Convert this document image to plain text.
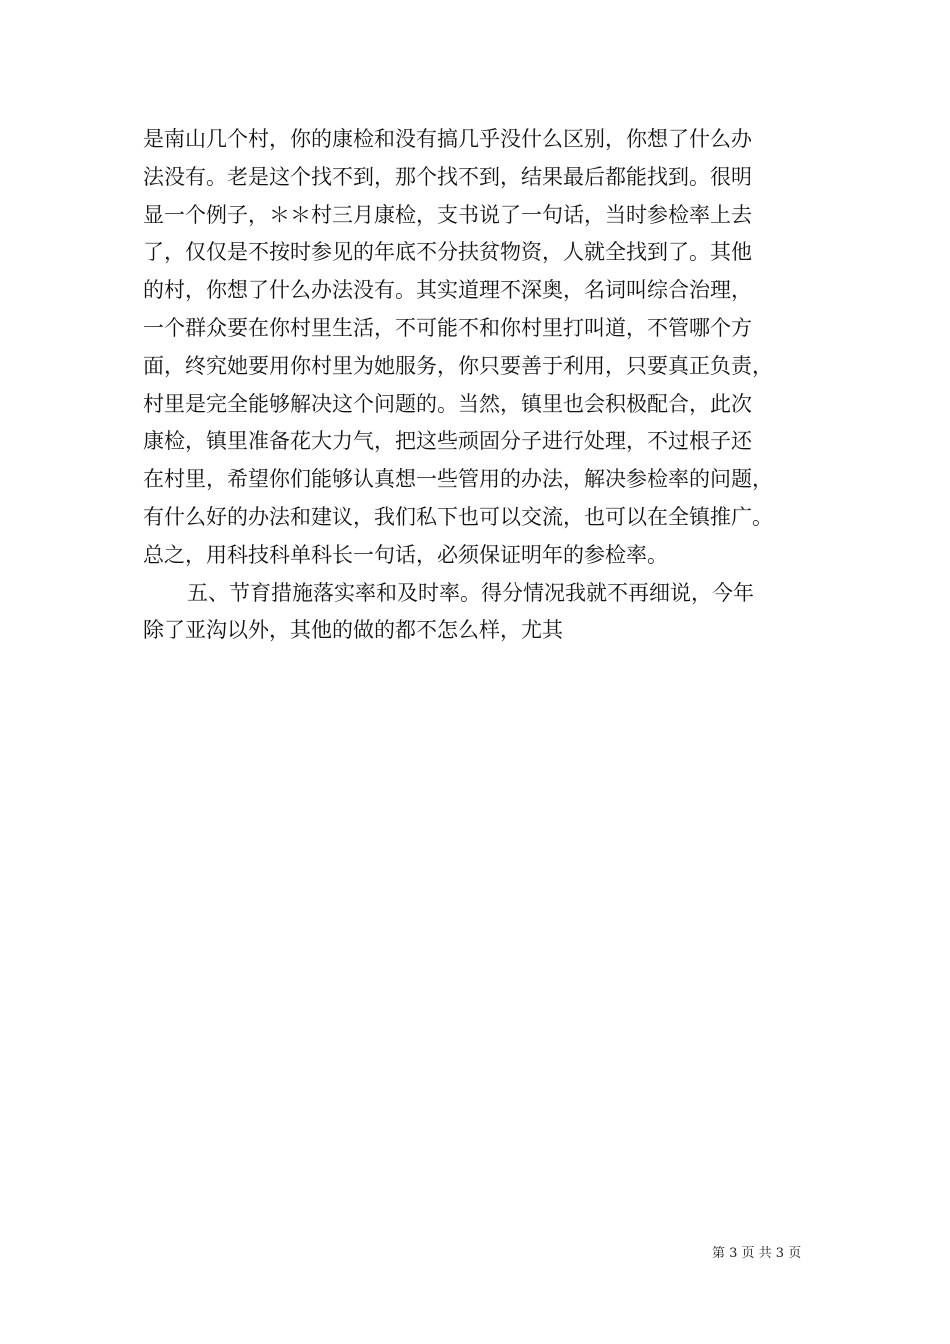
是南山几个村，你的康检和没有搞几乎没什么区别，你想了什么办
法没有。老是这个找不到，那个找不到，结果最后都能找到。很明
显一个例子，＊＊村三月康检，支书说了一句话，当时参检率上去
了，仅仅是不按时参见的年底不分扶贫物资，人就全找到了。其他
的村，你想了什么办法没有。其实道理不深奥，名词叫综合治理，
一个群众要在你村里生活，不可能不和你村里打叫道，不管哪个方
面，终究她要用你村里为她服务，你只要善于利用，只要真正负责，
村里是完全能够解决这个问题的。当然，镇里也会积极配合，此次
康检，镇里准备花大力气，把这些顽固分子进行处理，不过根子还
在村里，希望你们能够认真想一些管用的办法，解决参检率的问题，
有什么好的办法和建议，我们私下也可以交流，也可以在全镇推广。
总之，用科技科单科长一句话，必须保证明年的参检率。
五、节育措施落实率和及时率。得分情况我就不再细说，今年
除了亚沟以外，其他的做的都不怎么样，尤其
第 3 页 共 3 页
